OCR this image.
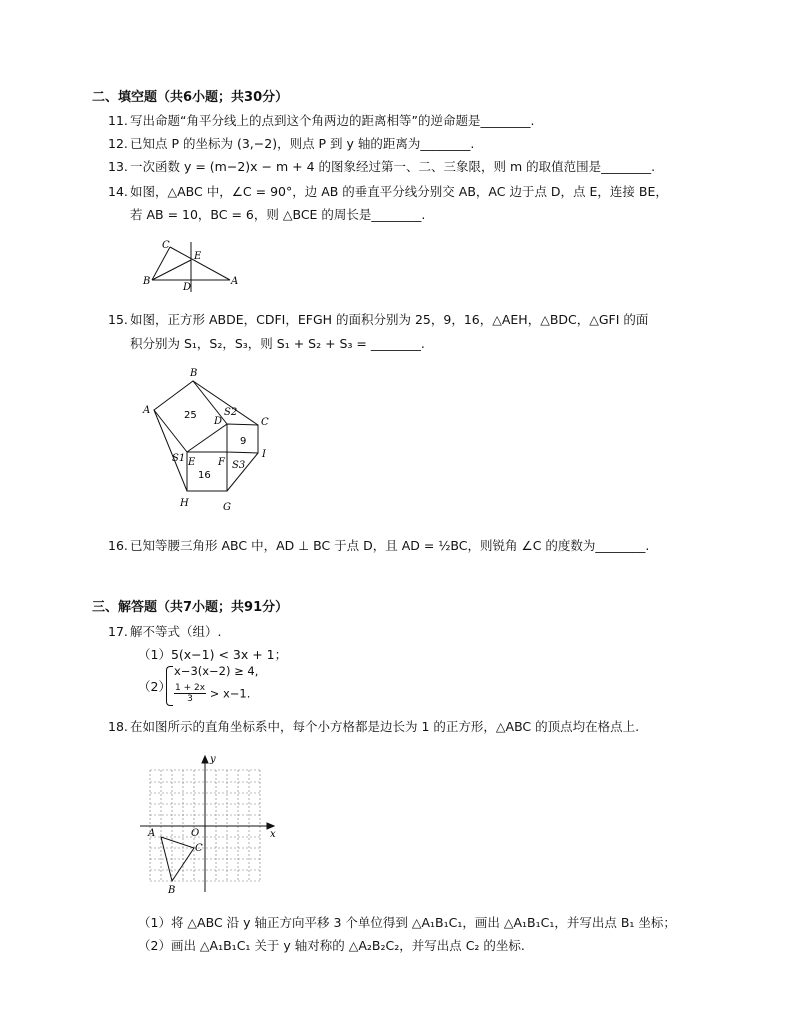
二、填空题（共6小题；共30分）
11. 写出命题“角平分线上的点到这个角两边的距离相等”的逆命题是________.
12. 已知点 P 的坐标为 (3,−2)，则点 P 到 y 轴的距离为________.
13. 一次函数 y = (m−2)x − m + 4 的图象经过第一、二、三象限，则 m 的取值范围是________.
14. 如图，△ABC 中，∠C = 90°，边 AB 的垂直平分线分别交 AB，AC 边于点 D，点 E，连接 BE，
若 AB = 10，BC = 6，则 △BCE 的周长是________.
C
E
B
D
A
15. 如图，正方形 ABDE，CDFI，EFGH 的面积分别为 25，9，16，△AEH，△BDC，△GFI 的面
积分别为 S₁，S₂，S₃，则 S₁ + S₂ + S₃ = ________.
B
A
D	C
S2
25
9
S1 E F S3
I
16
H	G
16. 已知等腰三角形 ABC 中，AD ⊥ BC 于点 D，且 AD = ½BC，则锐角 ∠C 的度数为________.
三、解答题（共7小题；共91分）
17. 解不等式（组）.
（1）5(x−1) < 3x + 1；
（2）
x−3(x−2) ≥ 4,
$\frac{1 + 2x}{3} > x-1$.
18. 在如图所示的直角坐标系中，每个小方格都是边长为 1 的正方形，△ABC 的顶点均在格点上.
y
x
O
A
C
B
（1）将 △ABC 沿 y 轴正方向平移 3 个单位得到 △A₁B₁C₁，画出 △A₁B₁C₁，并写出点 B₁ 坐标；
（2）画出 △A₁B₁C₁ 关于 y 轴对称的 △A₂B₂C₂，并写出点 C₂ 的坐标.
